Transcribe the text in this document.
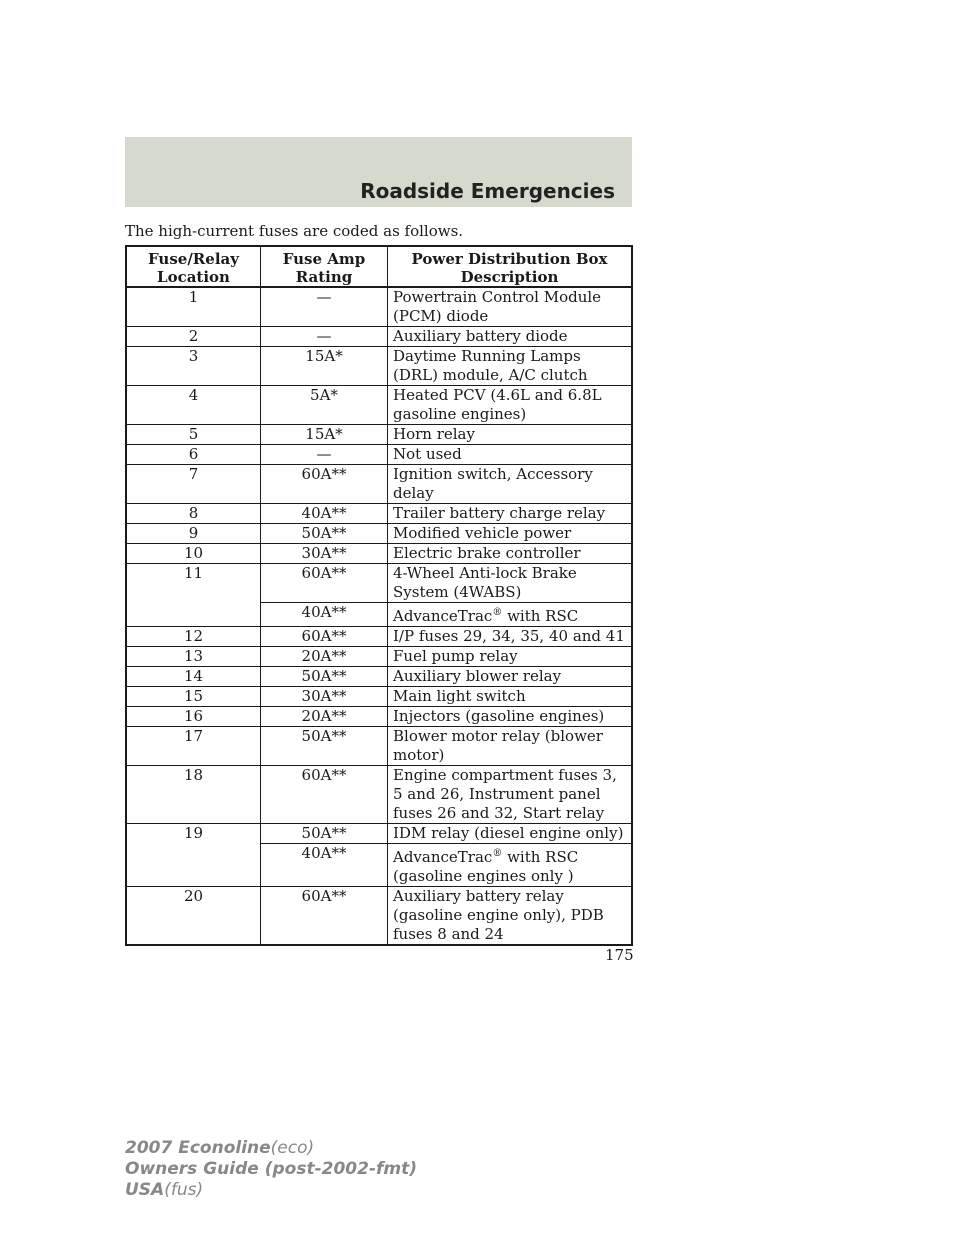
Roadside Emergencies
The high-current fuses are coded as follows.
Fuse/Relay Location	Fuse Amp Rating	Power Distribution Box Description
1	—	Powertrain Control Module (PCM) diode
2	—	Auxiliary battery diode
3	15A*	Daytime Running Lamps (DRL) module, A/C clutch
4	5A*	Heated PCV (4.6L and 6.8L gasoline engines)
5	15A*	Horn relay
6	—	Not used
7	60A**	Ignition switch, Accessory delay
8	40A**	Trailer battery charge relay
9	50A**	Modified vehicle power
10	30A**	Electric brake controller
11	60A**	4-Wheel Anti-lock Brake System (4WABS)
	40A**	AdvanceTrac® with RSC
12	60A**	I/P fuses 29, 34, 35, 40 and 41
13	20A**	Fuel pump relay
14	50A**	Auxiliary blower relay
15	30A**	Main light switch
16	20A**	Injectors (gasoline engines)
17	50A**	Blower motor relay (blower motor)
18	60A**	Engine compartment fuses 3, 5 and 26, Instrument panel fuses 26 and 32, Start relay
19	50A**	IDM relay (diesel engine only)
	40A**	AdvanceTrac® with RSC (gasoline engines only )
20	60A**	Auxiliary battery relay (gasoline engine only), PDB fuses 8 and 24
175
2007 Econoline(eco)
Owners Guide (post-2002-fmt)
USA(fus)
